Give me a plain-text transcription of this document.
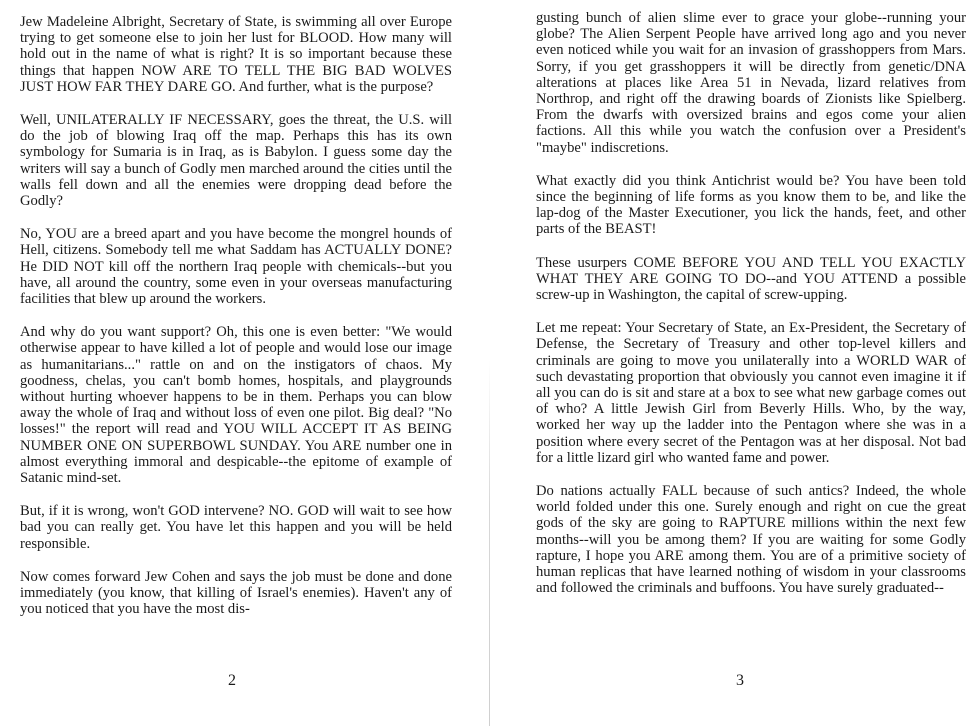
Jew Madeleine Albright, Secretary of State, is swimming all over Europe trying to get someone else to join her lust for BLOOD. How many will hold out in the name of what is right? It is so important because these things that happen NOW ARE TO TELL THE BIG BAD WOLVES JUST HOW FAR THEY DARE GO. And further, what is the purpose?

Well, UNILATERALLY IF NECESSARY, goes the threat, the U.S. will do the job of blowing Iraq off the map. Perhaps this has its own symbology for Sumaria is in Iraq, as is Babylon. I guess some day the writers will say a bunch of Godly men marched around the cities until the walls fell down and all the enemies were dropping dead before the Godly?

No, YOU are a breed apart and you have become the mongrel hounds of Hell, citizens. Somebody tell me what Saddam has ACTUALLY DONE? He DID NOT kill off the northern Iraq people with chemicals--but you have, all around the country, some even in your overseas manufacturing facilities that blew up around the workers.

And why do you want support? Oh, this one is even better: "We would otherwise appear to have killed a lot of people and would lose our image as humanitarians..." rattle on and on the instigators of chaos. My goodness, chelas, you can't bomb homes, hospitals, and playgrounds without hurting whoever happens to be in them. Perhaps you can blow away the whole of Iraq and without loss of even one pilot. Big deal? "No losses!" the report will read and YOU WILL ACCEPT IT AS BEING NUMBER ONE ON SUPERBOWL SUNDAY. You ARE number one in almost everything immoral and despicable--the epitome of example of Satanic mind-set.

But, if it is wrong, won't GOD intervene? NO. GOD will wait to see how bad you can really get. You have let this happen and you will be held responsible.

Now comes forward Jew Cohen and says the job must be done and done immediately (you know, that killing of Israel's enemies). Haven't any of you noticed that you have the most dis-

2

gusting bunch of alien slime ever to grace your globe--running your globe? The Alien Serpent People have arrived long ago and you never even noticed while you wait for an invasion of grasshoppers from Mars. Sorry, if you get grasshoppers it will be directly from genetic/DNA alterations at places like Area 51 in Nevada, lizard relatives from Northrop, and right off the drawing boards of Zionists like Spielberg. From the dwarfs with oversized brains and egos come your alien factions. All this while you watch the confusion over a President's "maybe" indiscretions.

What exactly did you think Antichrist would be? You have been told since the beginning of life forms as you know them to be, and like the lap-dog of the Master Executioner, you lick the hands, feet, and other parts of the BEAST!

These usurpers COME BEFORE YOU AND TELL YOU EXACTLY WHAT THEY ARE GOING TO DO--and YOU ATTEND a possible screw-up in Washington, the capital of screw-upping.

Let me repeat: Your Secretary of State, an Ex-President, the Secretary of Defense, the Secretary of Treasury and other top-level killers and criminals are going to move you unilaterally into a WORLD WAR of such devastating proportion that obviously you cannot even imagine it if all you can do is sit and stare at a box to see what new garbage comes out of who? A little Jewish Girl from Beverly Hills. Who, by the way, worked her way up the ladder into the Pentagon where she was in a position where every secret of the Pentagon was at her disposal. Not bad for a little lizard girl who wanted fame and power.

Do nations actually FALL because of such antics? Indeed, the whole world folded under this one. Surely enough and right on cue the great gods of the sky are going to RAPTURE millions within the next few months--will you be among them? If you are waiting for some Godly rapture, I hope you ARE among them. You are of a primitive society of human replicas that have learned nothing of wisdom in your classrooms and followed the criminals and buffoons. You have surely graduated--

3
